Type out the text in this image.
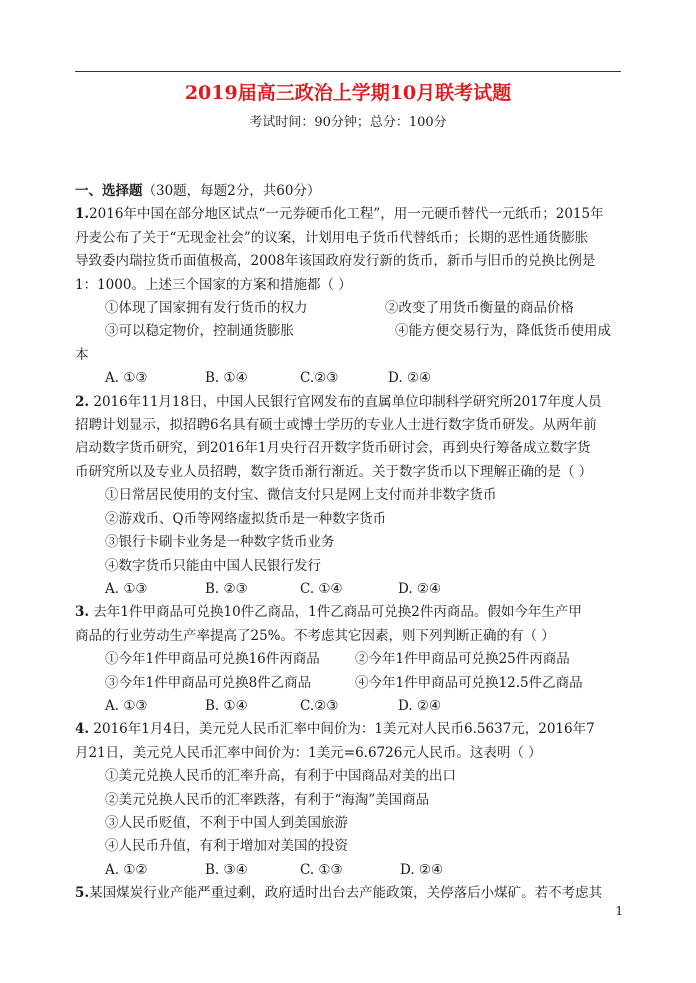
2019届高三政治上学期10月联考试题
考试时间：90分钟；总分：100分
一、选择题（30题，每题2分，共60分）
1.2016年中国在部分地区试点“一元券硬币化工程”，用一元硬币替代一元纸币；2015年
丹麦公布了关于“无现金社会”的议案，计划用电子货币代替纸币；长期的恶性通货膨胀
导致委内瑞拉货币面值极高，2008年该国政府发行新的货币，新币与旧币的兑换比例是
1：1000。上述三个国家的方案和措施都（ ）
①体现了国家拥有发行货币的权力	②改变了用货币衡量的商品价格
③可以稳定物价，控制通货膨胀	④能方便交易行为，降低货币使用成
本
A. ①③	B. ①④	C.②③	D. ②④
2. 2016年11月18日，中国人民银行官网发布的直属单位印制科学研究所2017年度人员
招聘计划显示，拟招聘6名具有硕士或博士学历的专业人士进行数字货币研发。从两年前
启动数字货币研究，到2016年1月央行召开数字货币研讨会，再到央行筹备成立数字货
币研究所以及专业人员招聘，数字货币渐行渐近。关于数字货币以下理解正确的是（ ）
①日常居民使用的支付宝、微信支付只是网上支付而并非数字货币
②游戏币、Q币等网络虚拟货币是一种数字货币
③银行卡刷卡业务是一种数字货币业务
④数字货币只能由中国人民银行发行
A. ①③	B. ②③	C. ①④	D. ②④
3. 去年1件甲商品可兑换10件乙商品，1件乙商品可兑换2件丙商品。假如今年生产甲
商品的行业劳动生产率提高了25%。不考虑其它因素，则下列判断正确的有（ ）
①今年1件甲商品可兑换16件丙商品	②今年1件甲商品可兑换25件丙商品
③今年1件甲商品可兑换8件乙商品	④今年1件甲商品可兑换12.5件乙商品
A. ①③	B. ①④	C.②③	D. ②④
4. 2016年1月4日，美元兑人民币汇率中间价为：1美元对人民币6.5637元，2016年7
月21日，美元兑人民币汇率中间价为：1美元=6.6726元人民币。这表明（ ）
①美元兑换人民币的汇率升高，有利于中国商品对美的出口
②美元兑换人民币的汇率跌落，有利于“海淘”美国商品
③人民币贬值，不利于中国人到美国旅游
④人民币升值，有利于增加对美国的投资
A. ①②	B. ③④	C. ①③	D. ②④
5.某国煤炭行业产能严重过剩，政府适时出台去产能政策，关停落后小煤矿。若不考虑其
1
